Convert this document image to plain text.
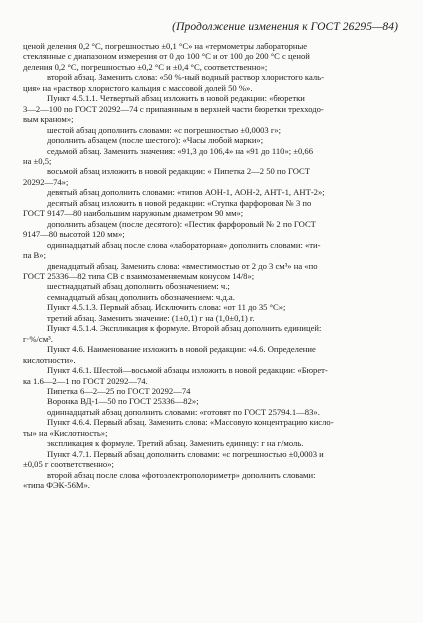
(Продолжение изменения к ГОСТ 26295—84)
ценой деления 0,2 °С, погрешностью ±0,1 °С» на «термометры лабораторные
стеклянные с диапазоном измерения от 0 до 100 °С и от 100 до 200 °С с ценой
деления 0,2 °С, погрешностью ±0,2 °С и ±0,4 °С, соответственно»;
второй абзац. Заменить слова: «50 %-ный водный раствор хлористого каль-
ция» на «раствор хлористого кальция с массовой долей 50 %».
Пункт 4.5.1.1. Четвертый абзац изложить в новой редакции: «бюретки
3—2—100 по ГОСТ 20292—74 с припаянным в верхней части бюретки трехходо-
вым краном»;
шестой абзац дополнить словами: «с погрешностью ±0,0003 г»;
дополнить абзацем (после шестого): «Часы любой марки»;
седьмой абзац. Заменить значения: «91,3 до 106,4» на «91 до 110»; ±0,66
на ±0,5;
восьмой абзац изложить в новой редакции: « Пипетка 2—2 50 по ГОСТ
20292—74»;
девятый абзац дополнить словами: «типов АОН-1, АОН-2, АНТ-1, АНТ-2»;
десятый абзац изложить в новой редакции: «Ступка фарфоровая № 3 по
ГОСТ 9147—80 наибольшим наружным диаметром 90 мм»;
дополнить абзацем (после десятого): «Пестик фарфоровый № 2 по ГОСТ
9147—80 высотой 120 мм»;
одиннадцатый абзац после слова «лабораторная» дополнить словами: «ти-
па В»;
двенадцатый абзац. Заменить слова: «вместимостью от 2 до 3 см³» на «по
ГОСТ 25336—82 типа СВ с взаимозаменяемым конусом 14/8»;
шестнадцатый абзац дополнить обозначением: ч.;
семнадцатый абзац дополнить обозначением: ч.д.а.
Пункт 4.5.1.3. Первый абзац. Исключить слова: «от 11 до 35 °С»;
третий абзац. Заменить значение: (1±0,1) г на (1,0±0,1) г.
Пункт 4.5.1.4. Экспликация к формуле. Второй абзац дополнить единицей:
г·%/см³.
Пункт 4.6. Наименование изложить в новой редакции: «4.6. Определение
кислотности».
Пункт 4.6.1. Шестой—восьмой абзацы изложить в новой редакции: «Бюрет-
ка 1.6—2—1 по ГОСТ 20292—74.
Пипетка 6—2—25 по ГОСТ 20292—74
Воронка ВД-1—50 по ГОСТ 25336—82»;
одиннадцатый абзац дополнить словами: «готовят по ГОСТ 25794.1—83».
Пункт 4.6.4. Первый абзац. Заменить слова: «Массовую концентрацию кисло-
ты» на «Кислотность»;
экспликация к формуле. Третий абзац. Заменить единицу: г на г/моль.
Пункт 4.7.1. Первый абзац дополнить словами: «с погрешностью ±0,0003 и
±0,05 г соответственно»;
второй абзац после слова «фотоэлектрополориметр» дополнить словами:
«типа ФЭК-56М».
